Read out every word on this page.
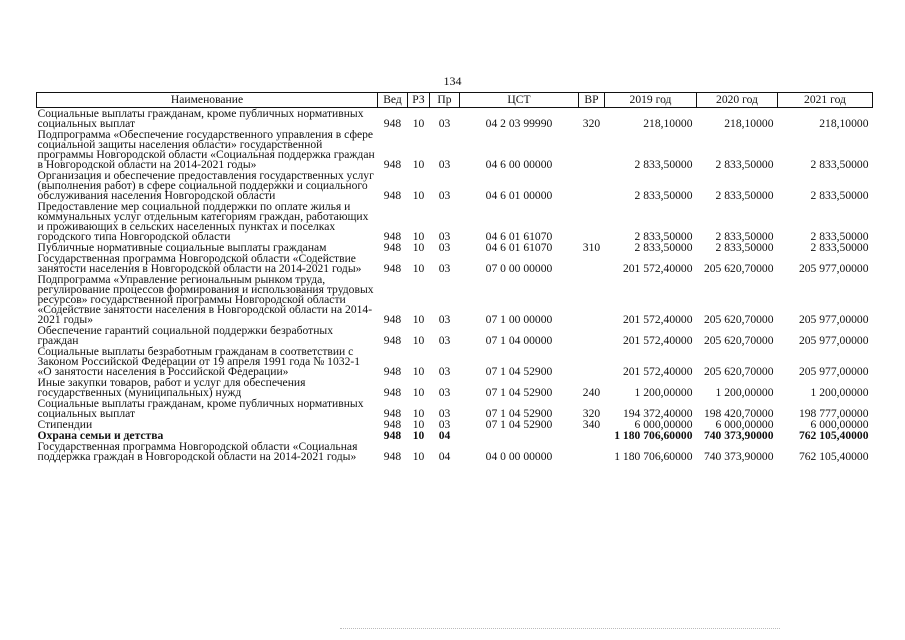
134
Наименование	Вед	РЗ	Пр	ЦСТ	ВР	2019 год	2020 год	2021 год
Социальные выплаты гражданам, кроме публичных нормативных социальных выплат	948	10	03	04 2 03 99990	320	218,10000	218,10000	218,10000
Подпрограмма «Обеспечение государственного управления в сфере социальной защиты населения области» государственной программы Новгородской области «Социальная поддержка граждан в Новгородской области на 2014-2021 годы»	948	10	03	04 6 00 00000		2 833,50000	2 833,50000	2 833,50000
Организация и обеспечение предоставления государственных услуг (выполнения работ) в сфере социальной поддержки и социального обслуживания населения Новгородской области	948	10	03	04 6 01 00000		2 833,50000	2 833,50000	2 833,50000
Предоставление мер социальной поддержки по оплате жилья и коммунальных услуг отдельным категориям граждан, работающих и проживающих в сельских населенных пунктах и поселках городского типа Новгородской области	948	10	03	04 6 01 61070		2 833,50000	2 833,50000	2 833,50000
Публичные нормативные социальные выплаты гражданам	948	10	03	04 6 01 61070	310	2 833,50000	2 833,50000	2 833,50000
Государственная программа Новгородской области «Содействие занятости населения в Новгородской области на 2014-2021 годы»	948	10	03	07 0 00 00000		201 572,40000	205 620,70000	205 977,00000
Подпрограмма «Управление региональным рынком труда, регулирование процессов формирования и использования трудовых ресурсов» государственной программы Новгородской области «Содействие занятости населения в Новгородской области на 2014-2021 годы»	948	10	03	07 1 00 00000		201 572,40000	205 620,70000	205 977,00000
Обеспечение гарантий социальной поддержки безработных граждан	948	10	03	07 1 04 00000		201 572,40000	205 620,70000	205 977,00000
Социальные выплаты безработным гражданам в соответствии с Законом Российской Федерации от 19 апреля 1991 года № 1032-1 «О занятости населения в Российской Федерации»	948	10	03	07 1 04 52900		201 572,40000	205 620,70000	205 977,00000
Иные закупки товаров, работ и услуг для обеспечения государственных (муниципальных) нужд	948	10	03	07 1 04 52900	240	1 200,00000	1 200,00000	1 200,00000
Социальные выплаты гражданам, кроме публичных нормативных социальных выплат	948	10	03	07 1 04 52900	320	194 372,40000	198 420,70000	198 777,00000
Стипендии	948	10	03	07 1 04 52900	340	6 000,00000	6 000,00000	6 000,00000
Охрана семьи и детства	948	10	04			1 180 706,60000	740 373,90000	762 105,40000
Государственная программа Новгородской области «Социальная поддержка граждан в Новгородской области на 2014-2021 годы»	948	10	04	04 0 00 00000		1 180 706,60000	740 373,90000	762 105,40000
